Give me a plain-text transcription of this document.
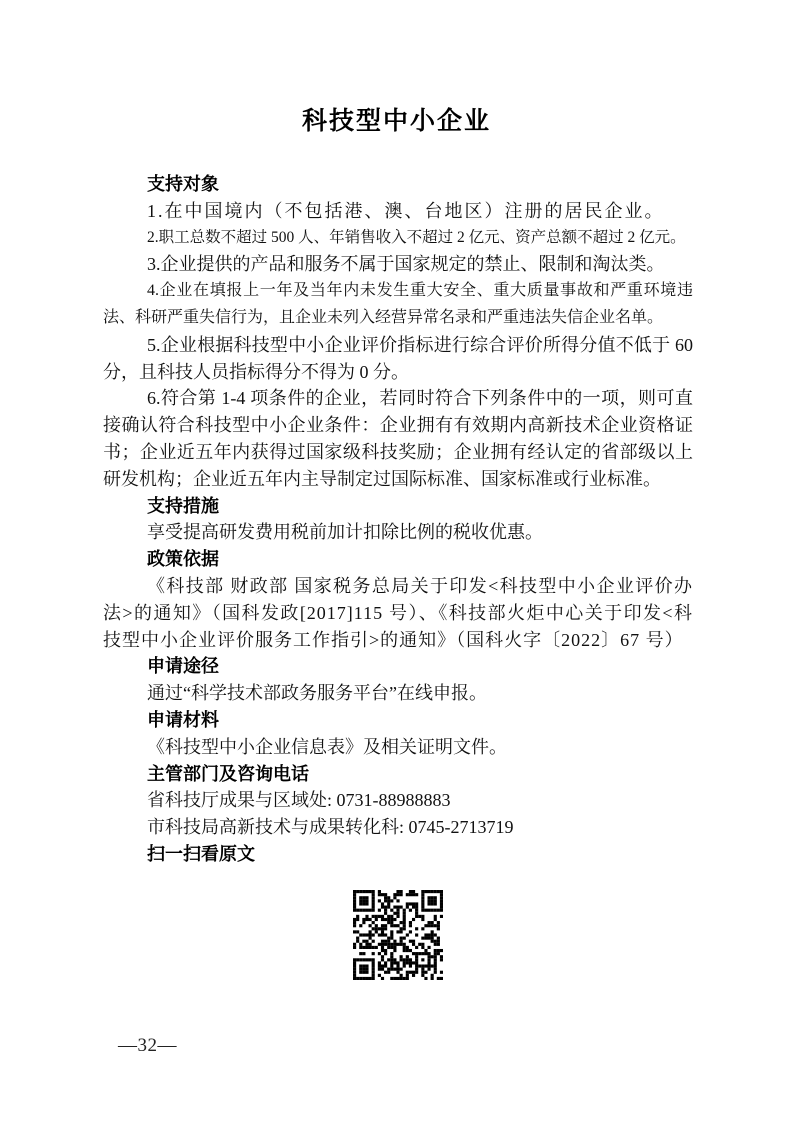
科技型中小企业
支持对象

1.在中国境内（不包括港、澳、台地区）注册的居民企业。

2.职工总数不超过 500 人、年销售收入不超过 2 亿元、资产总额不超过 2 亿元。

3.企业提供的产品和服务不属于国家规定的禁止、限制和淘汰类。

4.企业在填报上一年及当年内未发生重大安全、重大质量事故和严重环境违法、科研严重失信行为，且企业未列入经营异常名录和严重违法失信企业名单。

5.企业根据科技型中小企业评价指标进行综合评价所得分值不低于 60 分，且科技人员指标得分不得为 0 分。

6.符合第 1-4 项条件的企业，若同时符合下列条件中的一项，则可直接确认符合科技型中小企业条件：企业拥有有效期内高新技术企业资格证书；企业近五年内获得过国家级科技奖励；企业拥有经认定的省部级以上研发机构；企业近五年内主导制定过国际标准、国家标准或行业标准。

支持措施

享受提高研发费用税前加计扣除比例的税收优惠。

政策依据

《科技部 财政部 国家税务总局关于印发<科技型中小企业评价办法>的通知》（国科发政[2017]115 号）、《科技部火炬中心关于印发<科技型中小企业评价服务工作指引>的通知》（国科火字〔2022〕67 号）

申请途径

通过“科学技术部政务服务平台”在线申报。

申请材料

《科技型中小企业信息表》及相关证明文件。

主管部门及咨询电话

省科技厅成果与区域处: 0731-88988883

市科技局高新技术与成果转化科: 0745-2713719

扫一扫看原文
—32—
